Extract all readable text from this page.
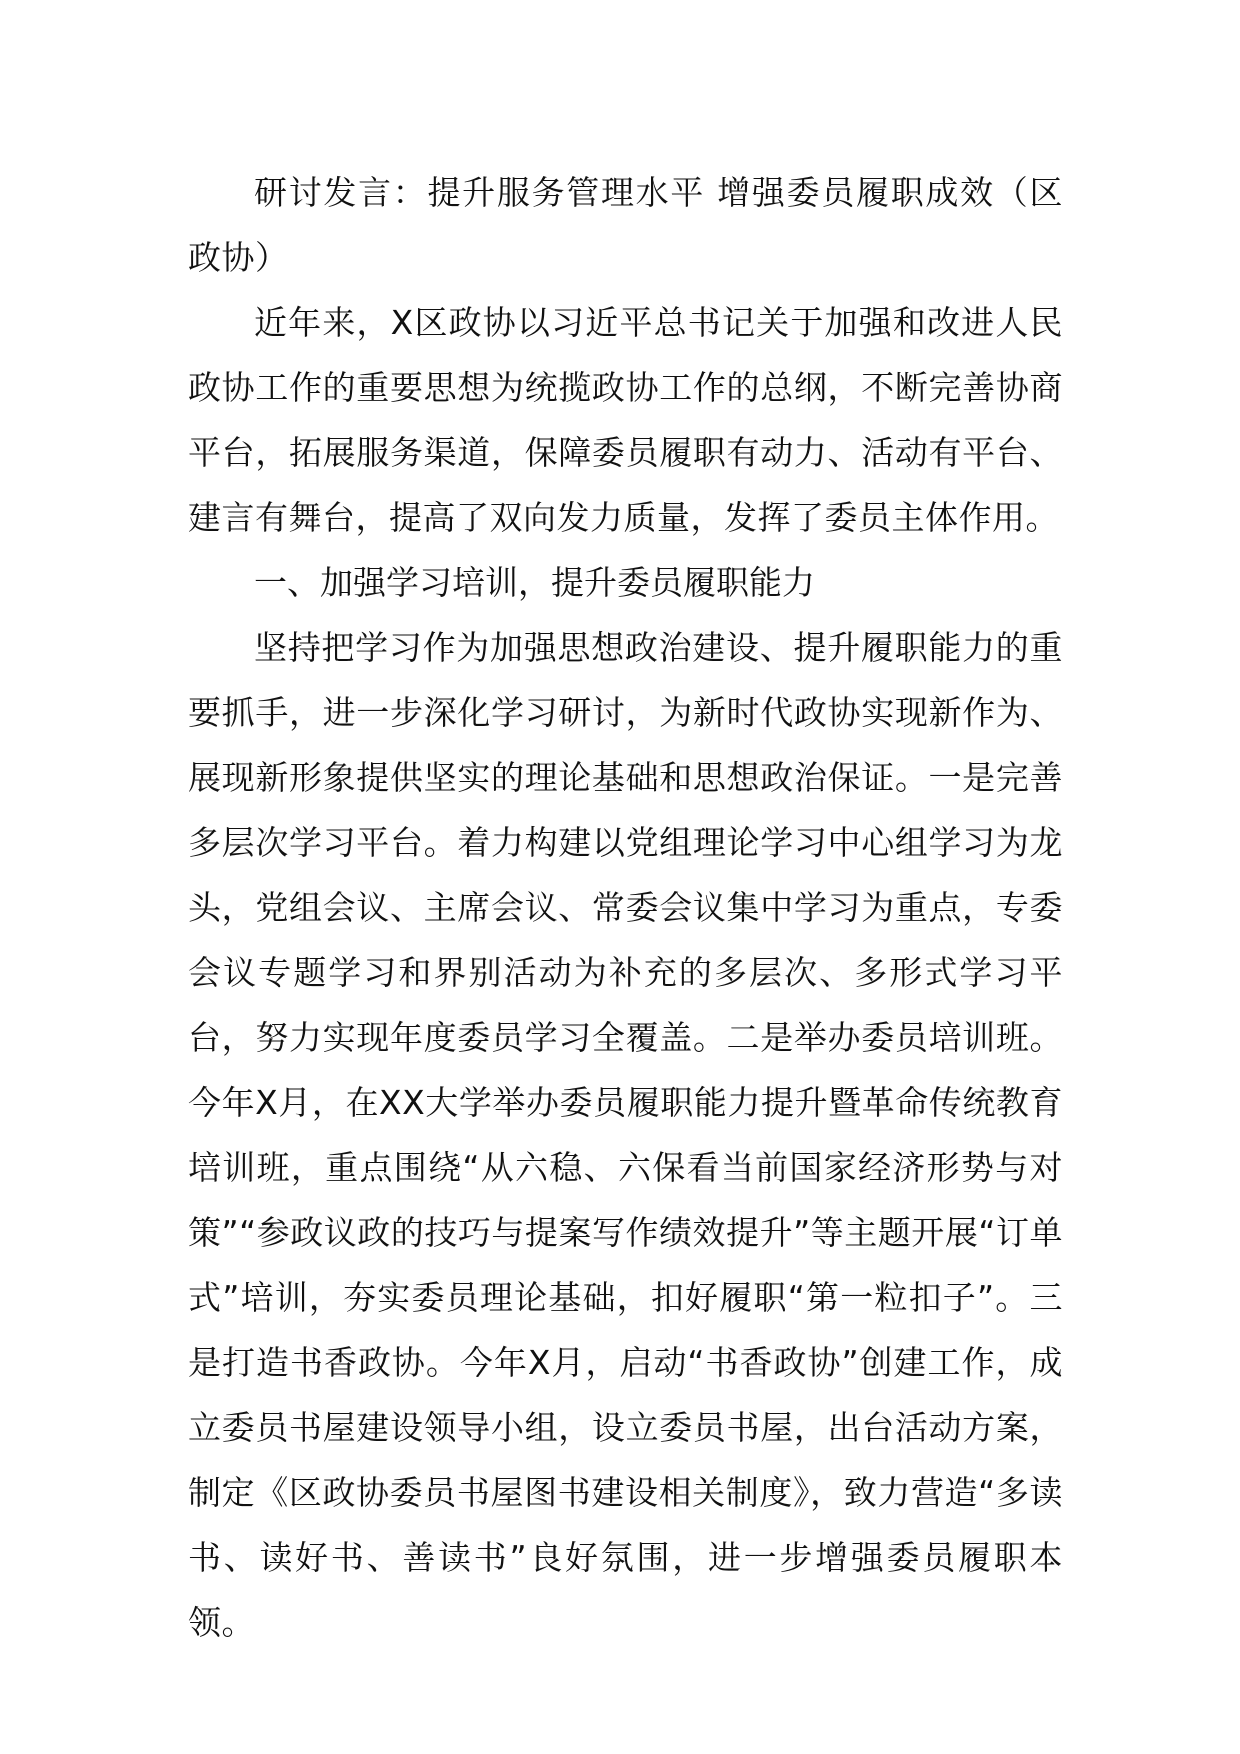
研讨发言：提升服务管理水平 增强委员履职成效（区政协）

近年来，X区政协以习近平总书记关于加强和改进人民政协工作的重要思想为统揽政协工作的总纲，不断完善协商平台，拓展服务渠道，保障委员履职有动力、活动有平台、建言有舞台，提高了双向发力质量，发挥了委员主体作用。

一、加强学习培训，提升委员履职能力

坚持把学习作为加强思想政治建设、提升履职能力的重要抓手，进一步深化学习研讨，为新时代政协实现新作为、展现新形象提供坚实的理论基础和思想政治保证。一是完善多层次学习平台。着力构建以党组理论学习中心组学习为龙头，党组会议、主席会议、常委会议集中学习为重点，专委会议专题学习和界别活动为补充的多层次、多形式学习平台，努力实现年度委员学习全覆盖。二是举办委员培训班。今年X月，在XX大学举办委员履职能力提升暨革命传统教育培训班，重点围绕“从六稳、六保看当前国家经济形势与对策”“参政议政的技巧与提案写作绩效提升”等主题开展“订单式”培训，夯实委员理论基础，扣好履职“第一粒扣子”。三是打造书香政协。今年X月，启动“书香政协”创建工作，成立委员书屋建设领导小组，设立委员书屋，出台活动方案，制定《区政协委员书屋图书建设相关制度》，致力营造“多读书、读好书、善读书”良好氛围，进一步增强委员履职本领。
